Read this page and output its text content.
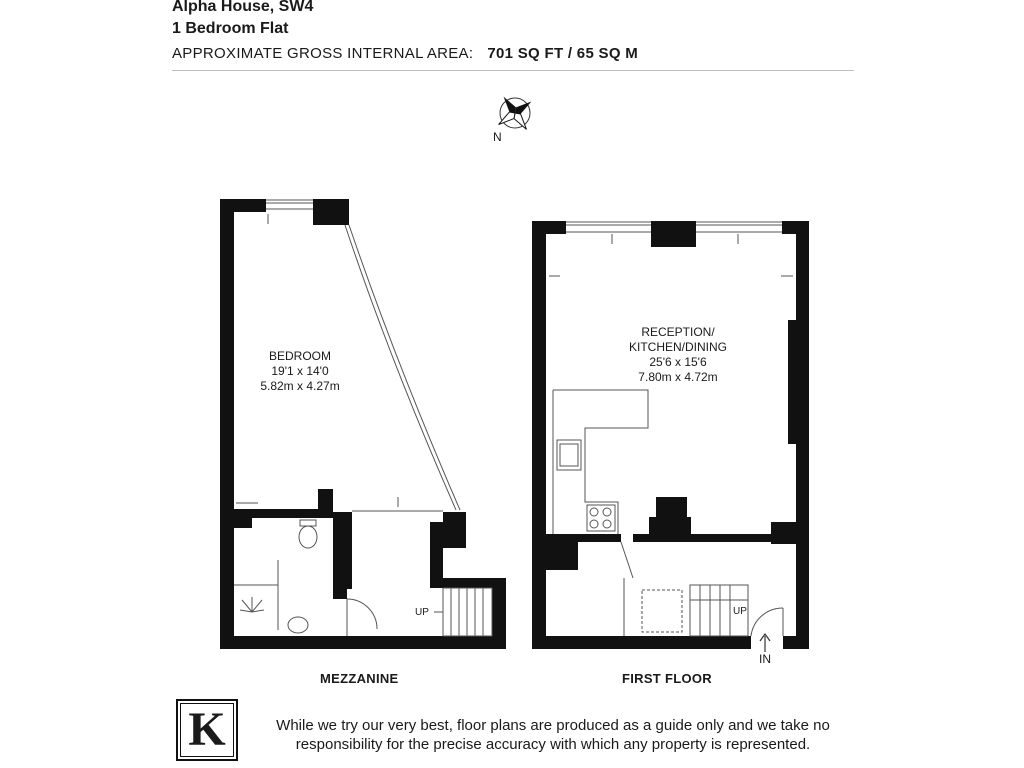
Alpha House, SW4
1 Bedroom Flat
APPROXIMATE GROSS INTERNAL AREA: 701 SQ FT / 65 SQ M
BEDROOM
19'1 x 14'0
5.82m x 4.27m
RECEPTION/
KITCHEN/DINING
25'6 x 15'6
7.80m x 4.72m
UP	UP
IN
N
MEZZANINE	FIRST FLOOR
K	While we try our very best, floor plans are produced as a guide only and we take no responsibility for the precise accuracy with which any property is represented.
